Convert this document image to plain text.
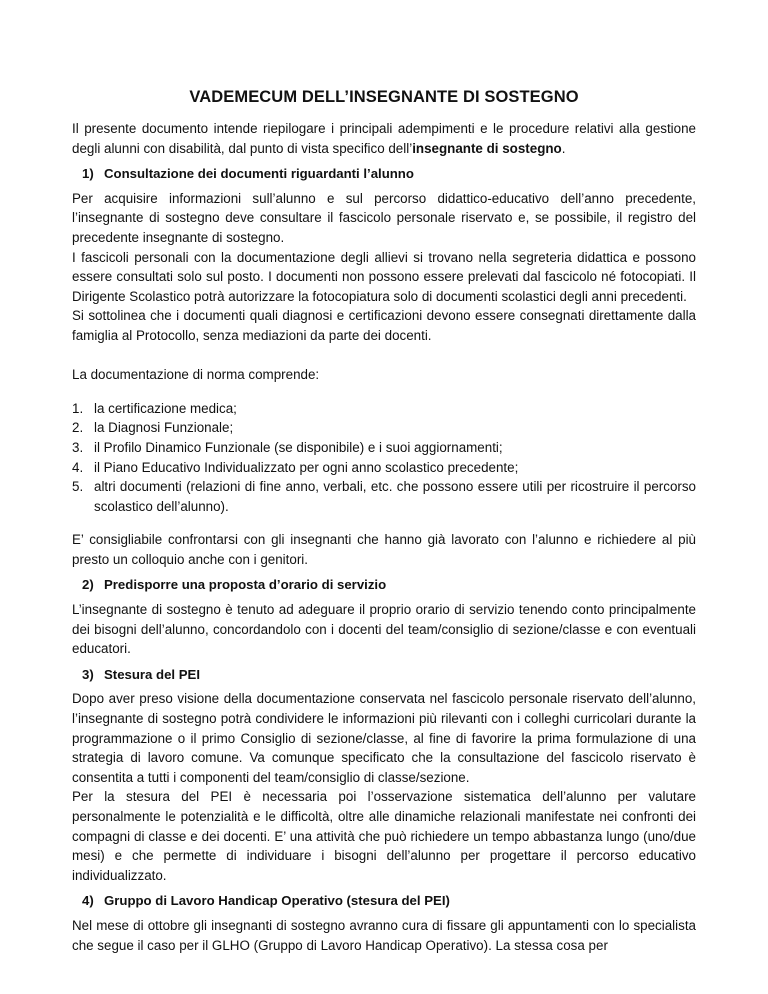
VADEMECUM DELL’INSEGNANTE DI SOSTEGNO

Il presente documento intende riepilogare i principali adempimenti e le procedure relativi alla gestione degli alunni con disabilità, dal punto di vista specifico dell’insegnante di sostegno.

1) Consultazione dei documenti riguardanti l’alunno

Per acquisire informazioni sull’alunno e sul percorso didattico-educativo dell’anno precedente, l’insegnante di sostegno deve consultare il fascicolo personale riservato e, se possibile, il registro del precedente insegnante di sostegno.

I fascicoli personali con la documentazione degli allievi si trovano nella segreteria didattica e possono essere consultati solo sul posto. I documenti non possono essere prelevati dal fascicolo né fotocopiati. Il Dirigente Scolastico potrà autorizzare la fotocopiatura solo di documenti scolastici degli anni precedenti.

Si sottolinea che i documenti quali diagnosi e certificazioni devono essere consegnati direttamente dalla famiglia al Protocollo, senza mediazioni da parte dei docenti.

La documentazione di norma comprende:

1. la certificazione medica;
2. la Diagnosi Funzionale;
3. il Profilo Dinamico Funzionale (se disponibile) e i suoi aggiornamenti;
4. il Piano Educativo Individualizzato per ogni anno scolastico precedente;
5. altri documenti (relazioni di fine anno, verbali, etc. che possono essere utili per ricostruire il percorso scolastico dell’alunno).

E’ consigliabile confrontarsi con gli insegnanti che hanno già lavorato con l’alunno e richiedere al più presto un colloquio anche con i genitori.

2) Predisporre una proposta d’orario di servizio

L’insegnante di sostegno è tenuto ad adeguare il proprio orario di servizio tenendo conto principalmente dei bisogni dell’alunno, concordandolo con i docenti del team/consiglio di sezione/classe e con eventuali educatori.

3) Stesura del PEI

Dopo aver preso visione della documentazione conservata nel fascicolo personale riservato dell’alunno, l’insegnante di sostegno potrà condividere le informazioni più rilevanti con i colleghi curricolari durante la programmazione o il primo Consiglio di sezione/classe, al fine di favorire la prima formulazione di una strategia di lavoro comune. Va comunque specificato che la consultazione del fascicolo riservato è consentita a tutti i componenti del team/consiglio di classe/sezione.

Per la stesura del PEI è necessaria poi l’osservazione sistematica dell’alunno per valutare personalmente le potenzialità e le difficoltà, oltre alle dinamiche relazionali manifestate nei confronti dei compagni di classe e dei docenti. E’ una attività che può richiedere un tempo abbastanza lungo (uno/due mesi) e che permette di individuare i bisogni dell’alunno per progettare il percorso educativo individualizzato.

4) Gruppo di Lavoro Handicap Operativo (stesura del PEI)

Nel mese di ottobre gli insegnanti di sostegno avranno cura di fissare gli appuntamenti con lo specialista che segue il caso per il GLHO (Gruppo di Lavoro Handicap Operativo). La stessa cosa per
